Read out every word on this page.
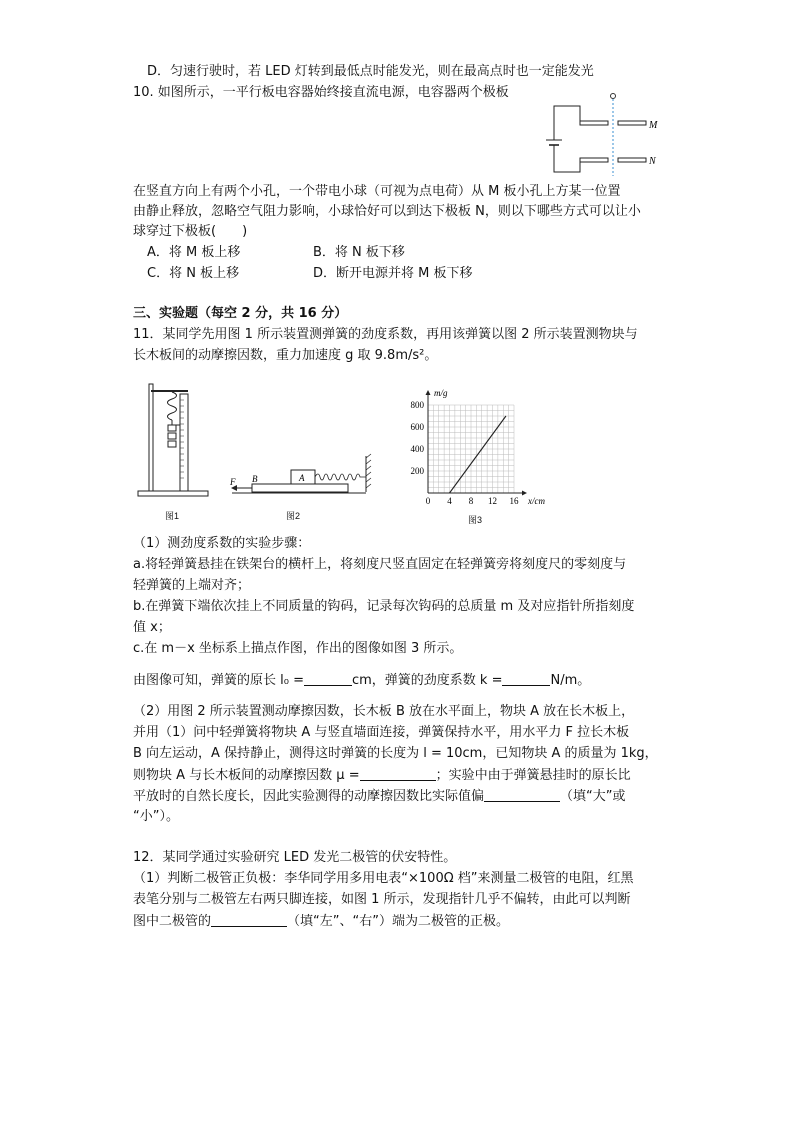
D．匀速行驶时，若 LED 灯转到最低点时能发光，则在最高点时也一定能发光
10. 如图所示，一平行板电容器始终接直流电源，电容器两个极板
M
N
在竖直方向上有两个小孔，一个带电小球（可视为点电荷）从 M 板小孔上方某一位置
由静止释放，忽略空气阻力影响，小球恰好可以到达下极板 N，则以下哪些方式可以让小
球穿过下极板(　　)
A．将 M 板上移	B．将 N 板下移
C．将 N 板上移	D．断开电源并将 M 板下移
三、实验题（每空 2 分，共 16 分）
11．某同学先用图 1 所示装置测弹簧的劲度系数，再用该弹簧以图 2 所示装置测物块与
长木板间的动摩擦因数，重力加速度 g 取 9.8m/s²。
图1
F B	A
图2
0 4 8 12 16
200
400
600
800
x/cm
m/g
图3
（1）测劲度系数的实验步骤：
a.将轻弹簧悬挂在铁架台的横杆上，将刻度尺竖直固定在轻弹簧旁将刻度尺的零刻度与
轻弹簧的上端对齐；
b.在弹簧下端依次挂上不同质量的钩码，记录每次钩码的总质量 m 及对应指针所指刻度
值 x；
c.在 m－x 坐标系上描点作图，作出的图像如图 3 所示。
由图像可知，弹簧的原长 l₀ =	cm，弹簧的劲度系数 k =	N/m。
（2）用图 2 所示装置测动摩擦因数，长木板 B 放在水平面上，物块 A 放在长木板上，
并用（1）问中轻弹簧将物块 A 与竖直墙面连接，弹簧保持水平，用水平力 F 拉长木板
B 向左运动，A 保持静止，测得这时弹簧的长度为 l = 10cm，已知物块 A 的质量为 1kg，
则物块 A 与长木板间的动摩擦因数 μ =	；实验中由于弹簧悬挂时的原长比
平放时的自然长度长，因此实验测得的动摩擦因数比实际值偏	（填“大”或
“小”）。
12．某同学通过实验研究 LED 发光二极管的伏安特性。
（1）判断二极管正负极：李华同学用多用电表“×100Ω 档”来测量二极管的电阻，红黑
表笔分别与二极管左右两只脚连接，如图 1 所示，发现指针几乎不偏转，由此可以判断
图中二极管的	（填“左”、“右”）端为二极管的正极。
